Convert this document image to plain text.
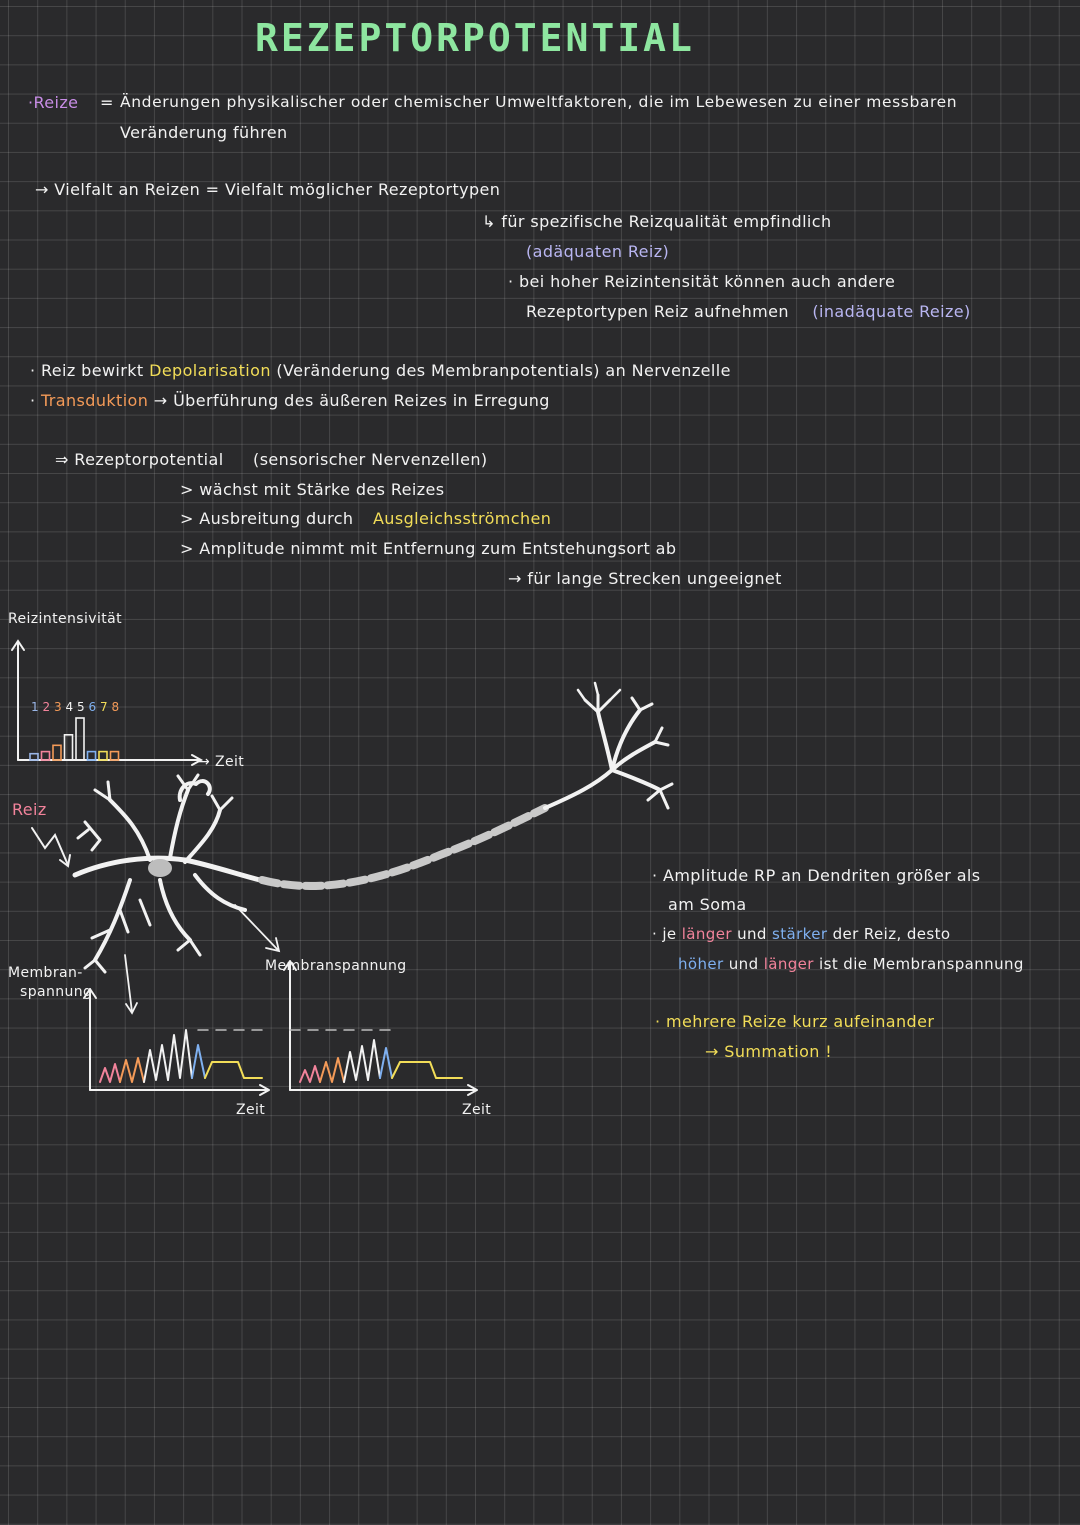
REZEPTORPOTENTIAL
·Reize = Änderungen physikalischer oder chemischer Umweltfaktoren, die im Lebewesen zu einer messbaren
Veränderung führen
→ Vielfalt an Reizen = Vielfalt möglicher Rezeptortypen
↳ für spezifische Reizqualität empfindlich
(adäquaten Reiz)
· bei hoher Reizintensität können auch andere
Rezeptortypen Reiz aufnehmen (inadäquate Reize)
· Reiz bewirkt Depolarisation (Veränderung des Membranpotentials) an Nervenzelle
· Transduktion → Überführung des äußeren Reizes in Erregung
⇒ Rezeptorpotential (sensorischer Nervenzellen)
> wächst mit Stärke des Reizes
> Ausbreitung durch Ausgleichsströmchen
> Amplitude nimmt mit Entfernung zum Entstehungsort ab
→ für lange Strecken ungeeignet
Reizintensivität
→ Zeit
Reiz
Membran-
spannung
Membranspannung
Zeit	Zeit
1 2 3 4 5 6 7 8
· Amplitude RP an Dendriten größer als
am Soma
· je länger und stärker der Reiz, desto
höher und länger ist die Membranspannung
· mehrere Reize kurz aufeinander
→ Summation !
